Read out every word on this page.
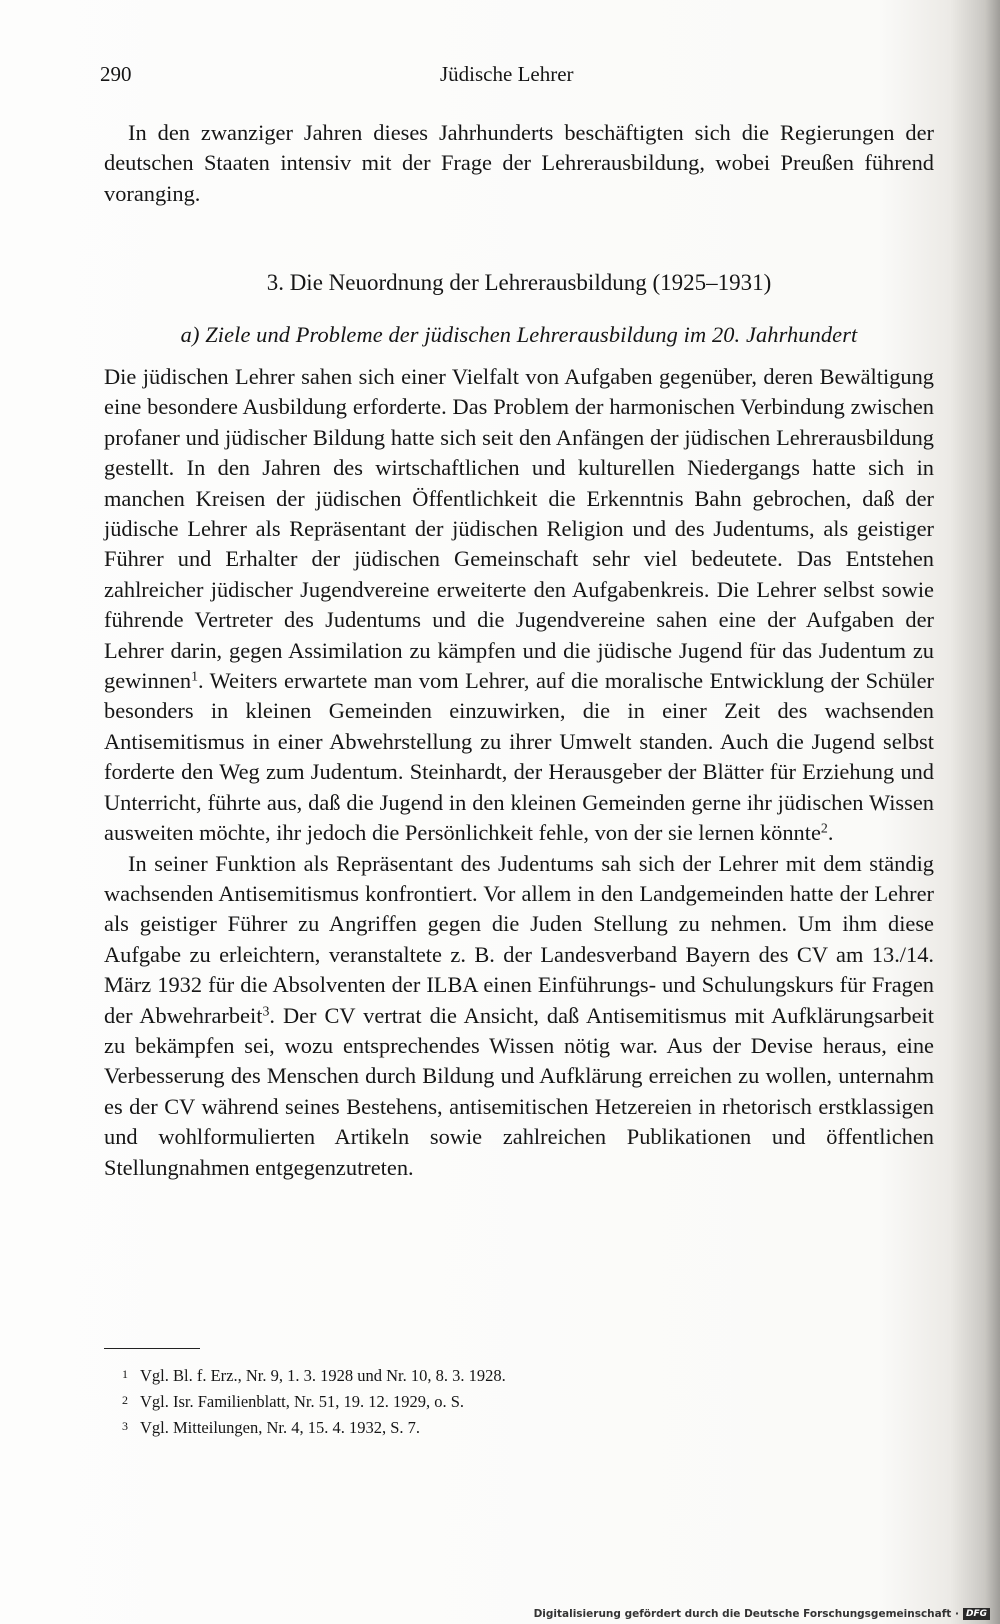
290	Jüdische Lehrer

In den zwanziger Jahren dieses Jahrhunderts beschäftigten sich die Regierungen der deutschen Staaten intensiv mit der Frage der Lehrerausbildung, wobei Preußen führend voranging.

3. Die Neuordnung der Lehrerausbildung (1925–1931)
a) Ziele und Probleme der jüdischen Lehrerausbildung im 20. Jahrhundert

Die jüdischen Lehrer sahen sich einer Vielfalt von Aufgaben gegenüber, deren Bewältigung eine besondere Ausbildung erforderte. Das Problem der harmonischen Verbindung zwischen profaner und jüdischer Bildung hatte sich seit den Anfängen der jüdischen Lehrerausbildung gestellt. In den Jahren des wirtschaftlichen und kulturellen Niedergangs hatte sich in manchen Kreisen der jüdischen Öffentlichkeit die Erkenntnis Bahn gebrochen, daß der jüdische Lehrer als Repräsentant der jüdischen Religion und des Judentums, als geistiger Führer und Erhalter der jüdischen Gemeinschaft sehr viel bedeutete. Das Entstehen zahlreicher jüdischer Jugendvereine erweiterte den Aufgabenkreis. Die Lehrer selbst sowie führende Vertreter des Judentums und die Jugendvereine sahen eine der Aufgaben der Lehrer darin, gegen Assimilation zu kämpfen und die jüdische Jugend für das Judentum zu gewinnen$^1$. Weiters erwartete man vom Lehrer, auf die moralische Entwicklung der Schüler besonders in kleinen Gemeinden einzuwirken, die in einer Zeit des wachsenden Antisemitismus in einer Abwehrstellung zu ihrer Umwelt standen. Auch die Jugend selbst forderte den Weg zum Judentum. Steinhardt, der Herausgeber der Blätter für Erziehung und Unterricht, führte aus, daß die Jugend in den kleinen Gemeinden gerne ihr jüdischen Wissen ausweiten möchte, ihr jedoch die Persönlichkeit fehle, von der sie lernen könnte$^2$.

In seiner Funktion als Repräsentant des Judentums sah sich der Lehrer mit dem ständig wachsenden Antisemitismus konfrontiert. Vor allem in den Landgemeinden hatte der Lehrer als geistiger Führer zu Angriffen gegen die Juden Stellung zu nehmen. Um ihm diese Aufgabe zu erleichtern, veranstaltete z. B. der Landesverband Bayern des CV am 13./14. März 1932 für die Absolventen der ILBA einen Einführungs- und Schulungskurs für Fragen der Abwehrarbeit$^3$. Der CV vertrat die Ansicht, daß Antisemitismus mit Aufklärungsarbeit zu bekämpfen sei, wozu entsprechendes Wissen nötig war. Aus der Devise heraus, eine Verbesserung des Menschen durch Bildung und Aufklärung erreichen zu wollen, unternahm es der CV während seines Bestehens, antisemitischen Hetzereien in rhetorisch erstklassigen und wohlformulierten Artikeln sowie zahlreichen Publikationen und öffentlichen Stellungnahmen entgegenzutreten.

1 Vgl. Bl. f. Erz., Nr. 9, 1. 3. 1928 und Nr. 10, 8. 3. 1928.
2 Vgl. Isr. Familienblatt, Nr. 51, 19. 12. 1929, o. S.
3 Vgl. Mitteilungen, Nr. 4, 15. 4. 1932, S. 7.
Digitalisierung gefördert durch die Deutsche Forschungsgemeinschaft · DFG
